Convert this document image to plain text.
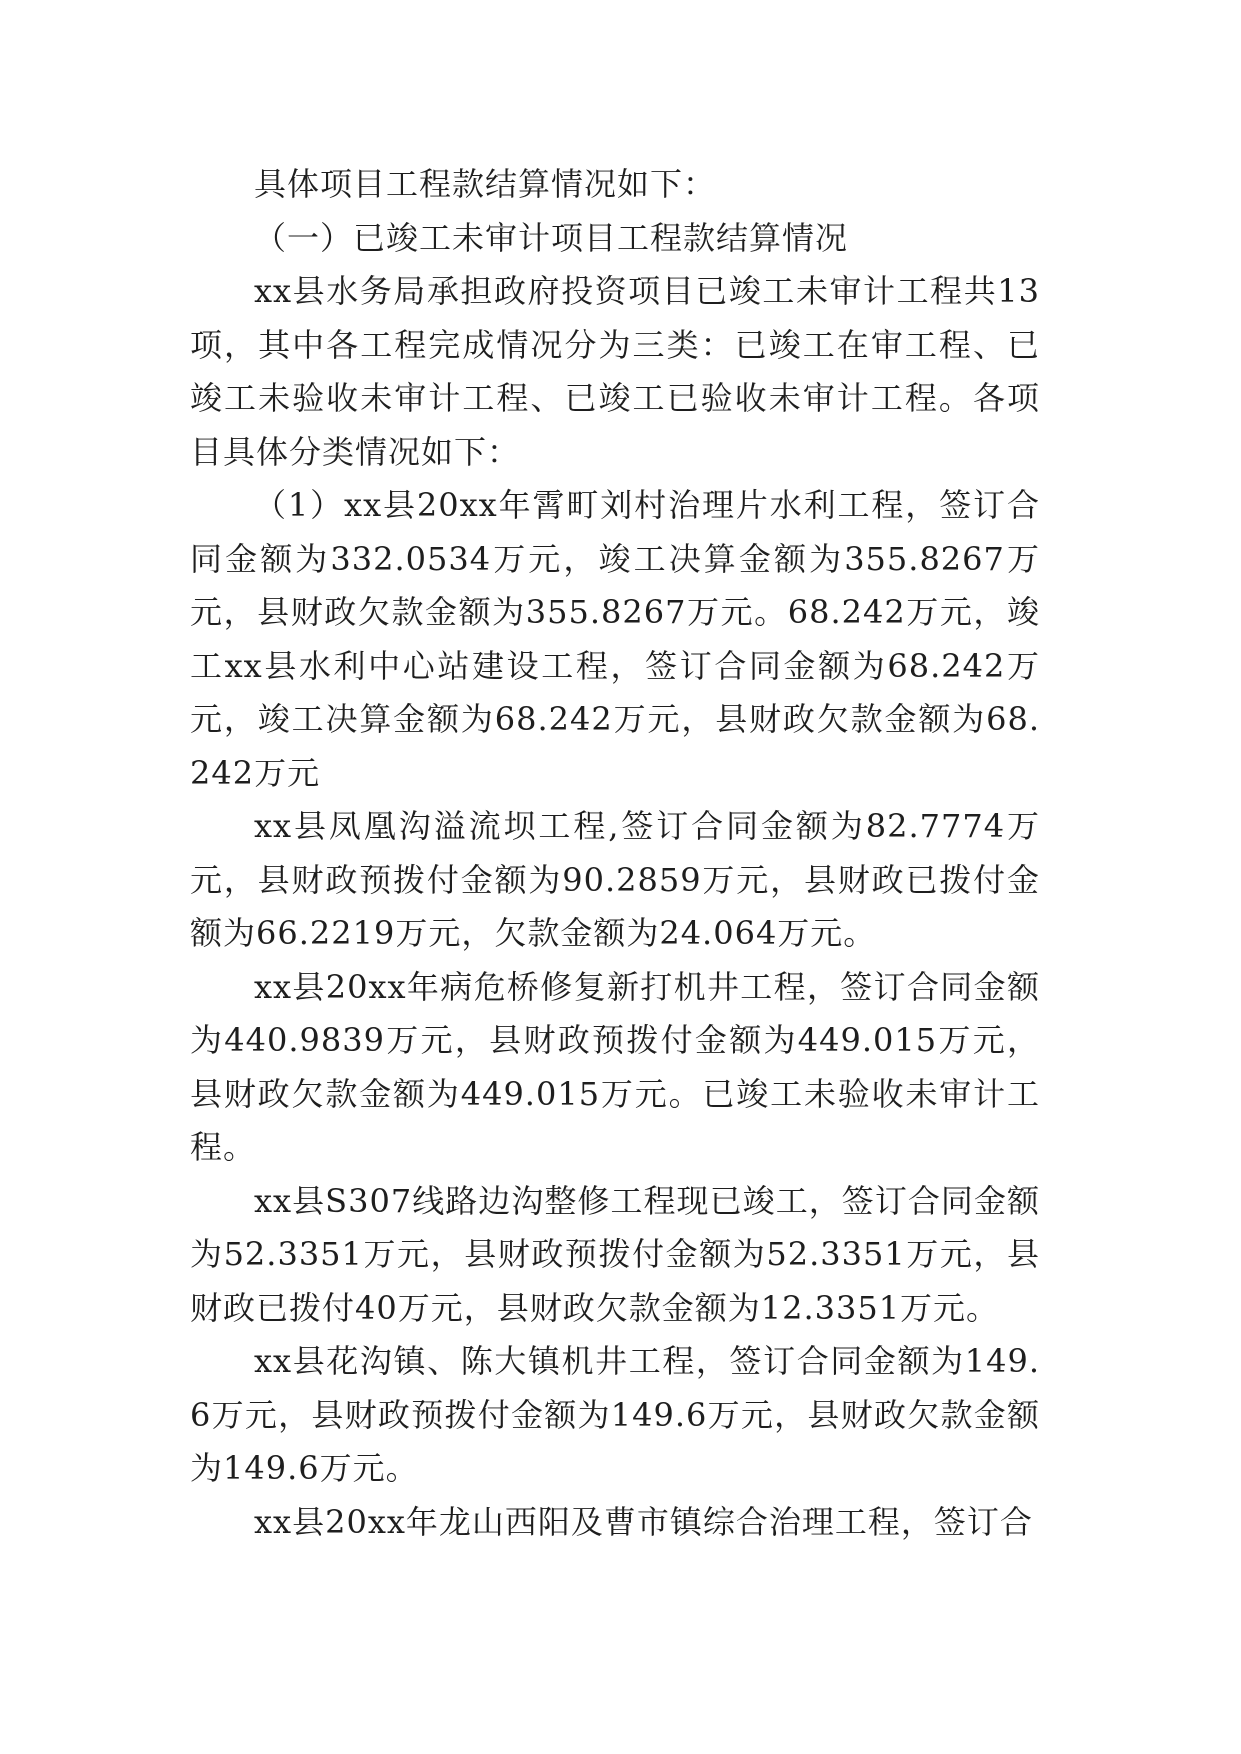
具体项目工程款结算情况如下：

（一）已竣工未审计项目工程款结算情况

xx县水务局承担政府投资项目已竣工未审计工程共13项，其中各工程完成情况分为三类：已竣工在审工程、已竣工未验收未审计工程、已竣工已验收未审计工程。各项目具体分类情况如下：

（1）xx县20xx年霄町刘村治理片水利工程，签订合同金额为332.0534万元，竣工决算金额为355.8267万元，县财政欠款金额为355.8267万元。68.242万元，竣工xx县水利中心站建设工程，签订合同金额为68.242万元，竣工决算金额为68.242万元，县财政欠款金额为68.242万元

xx县凤凰沟溢流坝工程,签订合同金额为82.7774万元，县财政预拨付金额为90.2859万元，县财政已拨付金额为66.2219万元，欠款金额为24.064万元。

xx县20xx年病危桥修复新打机井工程，签订合同金额为440.9839万元，县财政预拨付金额为449.015万元，县财政欠款金额为449.015万元。已竣工未验收未审计工程。

xx县S307线路边沟整修工程现已竣工，签订合同金额为52.3351万元，县财政预拨付金额为52.3351万元，县财政已拨付40万元，县财政欠款金额为12.3351万元。

xx县花沟镇、陈大镇机井工程，签订合同金额为149.6万元，县财政预拨付金额为149.6万元，县财政欠款金额为149.6万元。

xx县20xx年龙山西阳及曹市镇综合治理工程，签订合
